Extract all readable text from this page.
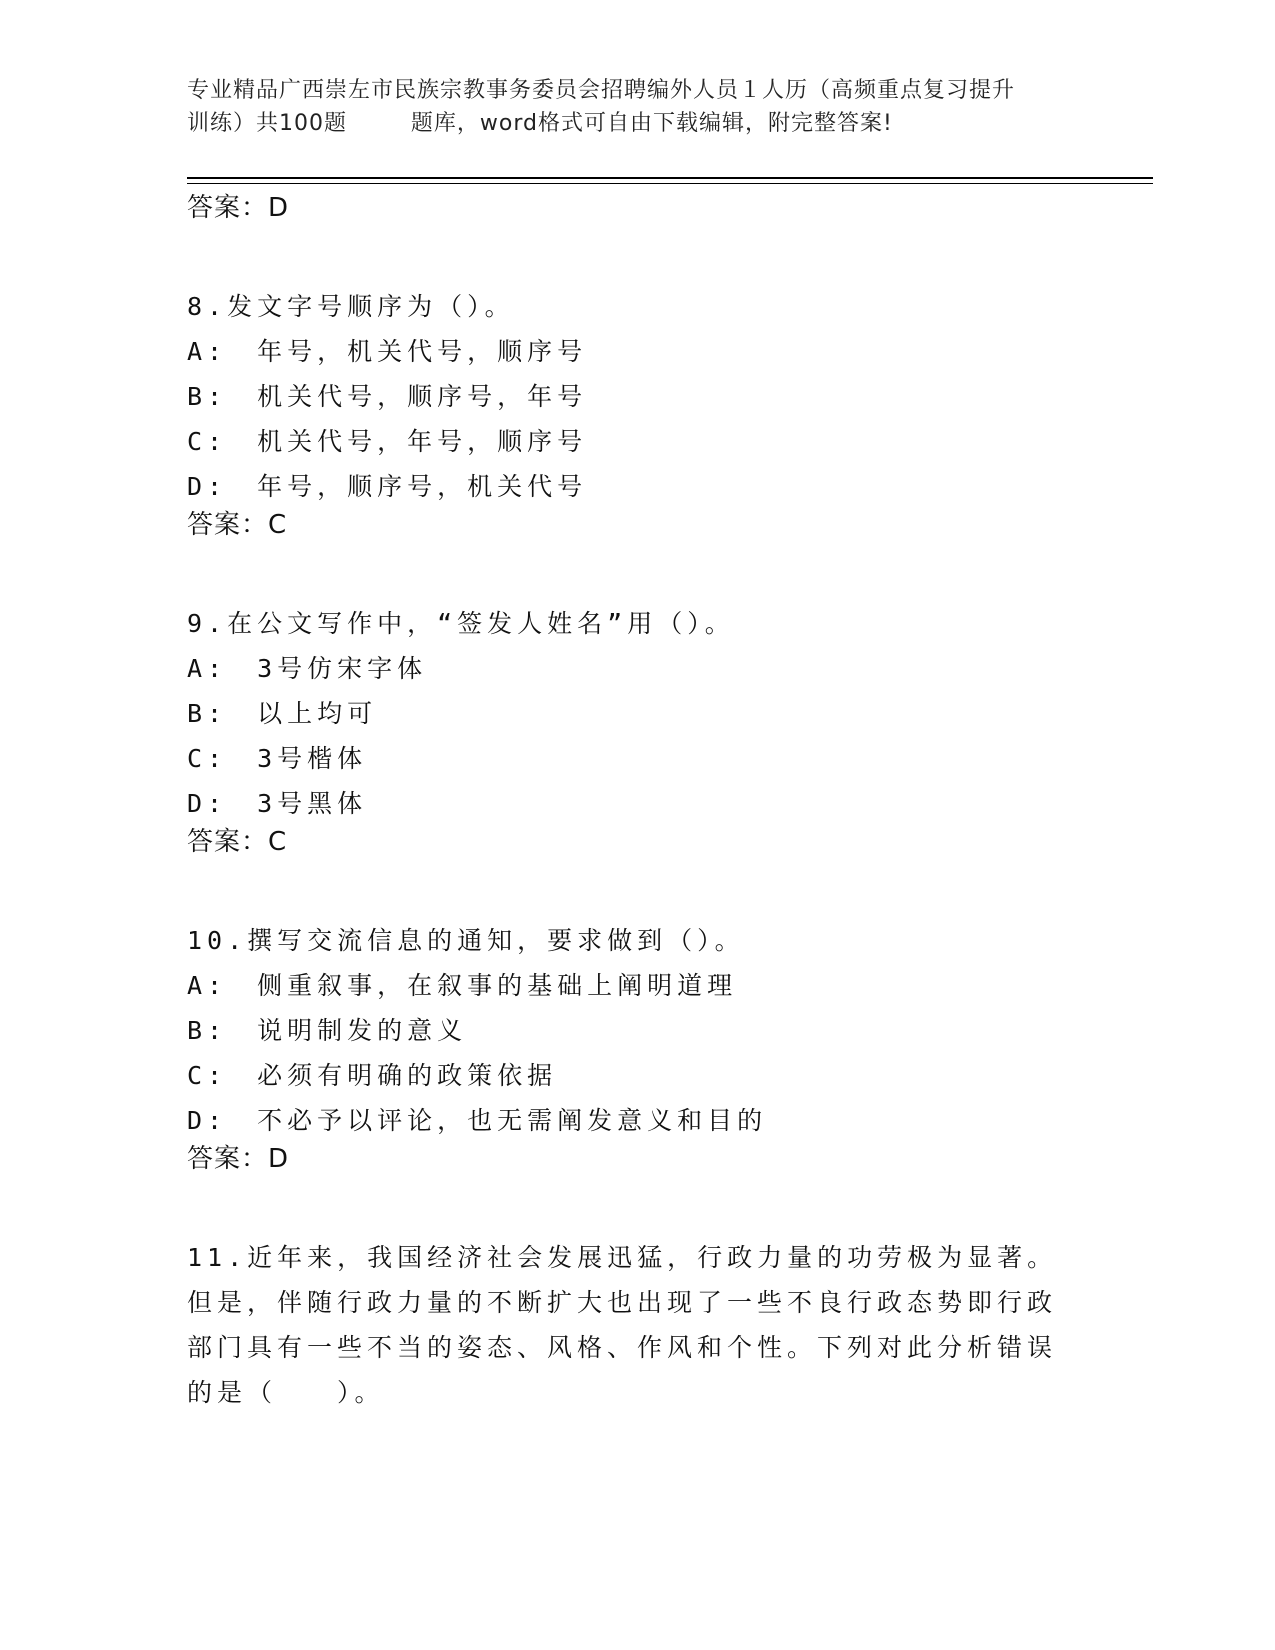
专业精品广西崇左市民族宗教事务委员会招聘编外人员１人历（高频重点复习提升
训练）共100题        题库，word格式可自由下载编辑，附完整答案!

答案：D

8.发文字号顺序为（）。

A:　年号，机关代号，顺序号

B:　机关代号，顺序号，年号

C:　机关代号，年号，顺序号

D:　年号，顺序号，机关代号

答案：C

9.在公文写作中，“签发人姓名”用（）。

A:　3号仿宋字体

B:　以上均可

C:　3号楷体

D:　3号黑体

答案：C

10.撰写交流信息的通知，要求做到（）。

A:　侧重叙事，在叙事的基础上阐明道理

B:　说明制发的意义

C:　必须有明确的政策依据

D:　不必予以评论，也无需阐发意义和目的

答案：D

11.近年来，我国经济社会发展迅猛，行政力量的功劳极为显著。但是，伴随行政力量的不断扩大也出现了一些不良行政态势即行政部门具有一些不当的姿态、风格、作风和个性。下列对此分析错误的是（　　）。
